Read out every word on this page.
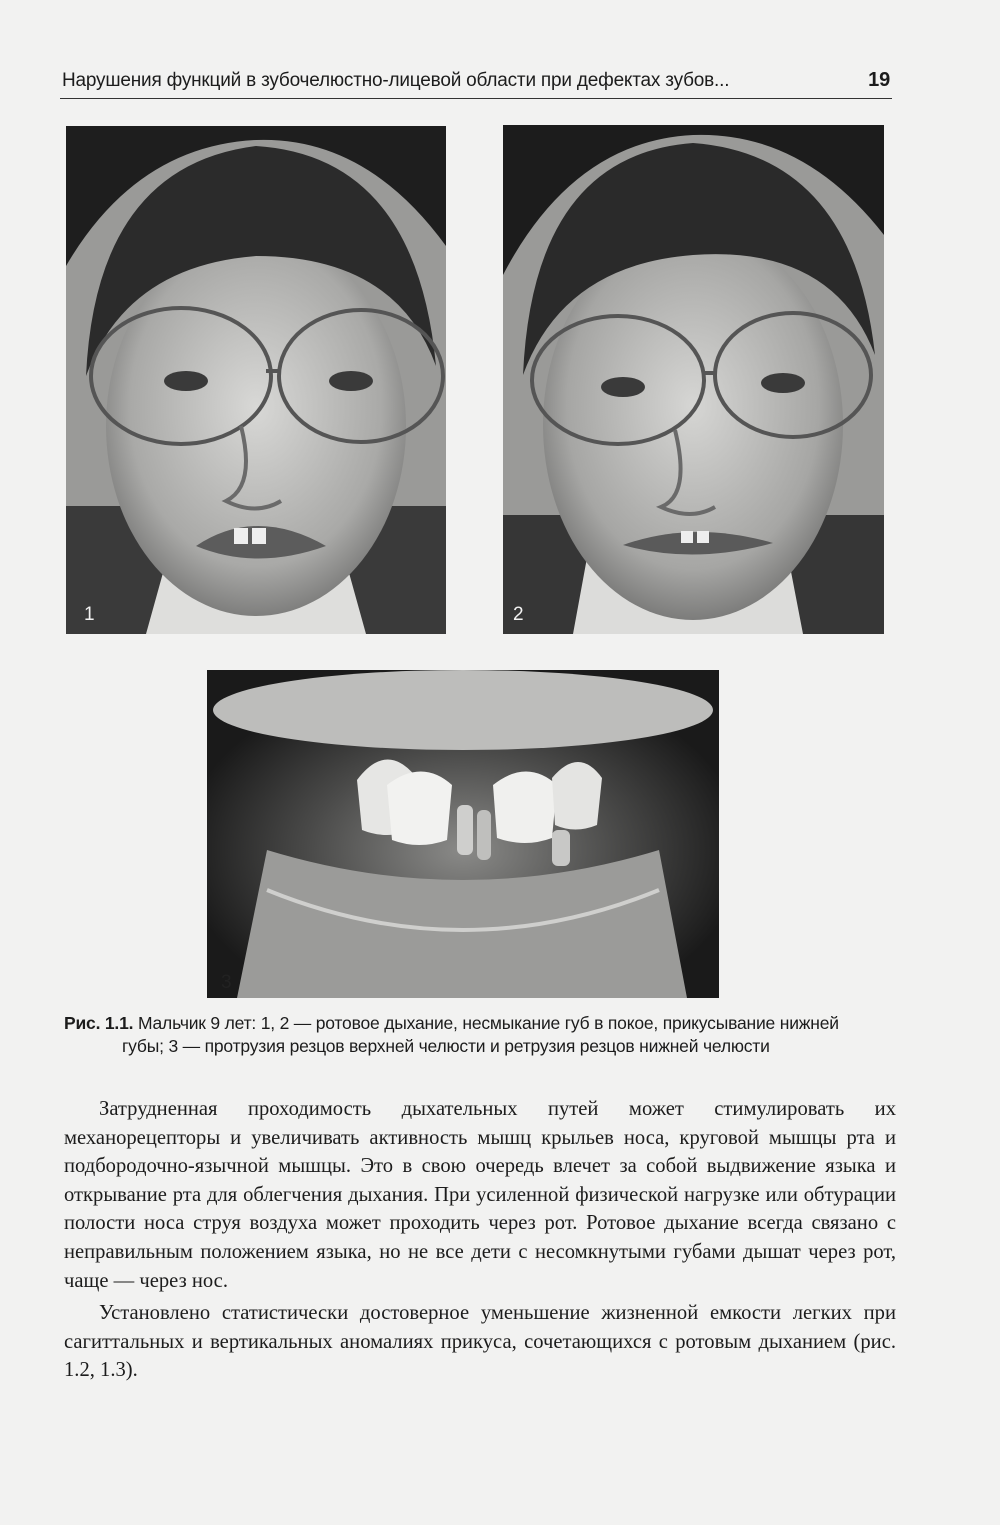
Нарушения функций в зубочелюстно-лицевой области при дефектах зубов...	19
1	2
3
Рис. 1.1. Мальчик 9 лет: 1, 2 — ротовое дыхание, несмыкание губ в покое, прикусывание нижней
губы; 3 — протрузия резцов верхней челюсти и ретрузия резцов нижней челюсти

Затрудненная проходимость дыхательных путей может стимулировать их механорецепторы и увеличивать активность мышц крыльев носа, круговой мышцы рта и подбородочно-язычной мышцы. Это в свою очередь влечет за собой выдвижение языка и открывание рта для облегчения дыхания. При усиленной физической нагрузке или обтурации полости носа струя воздуха может проходить через рот. Ротовое дыхание всегда связано с неправильным положением языка, но не все дети с несомкнутыми губами дышат через рот, чаще — через нос.

Установлено статистически достоверное уменьшение жизненной емкости легких при сагиттальных и вертикальных аномалиях прикуса, сочетающихся с ротовым дыханием (рис. 1.2, 1.3).
